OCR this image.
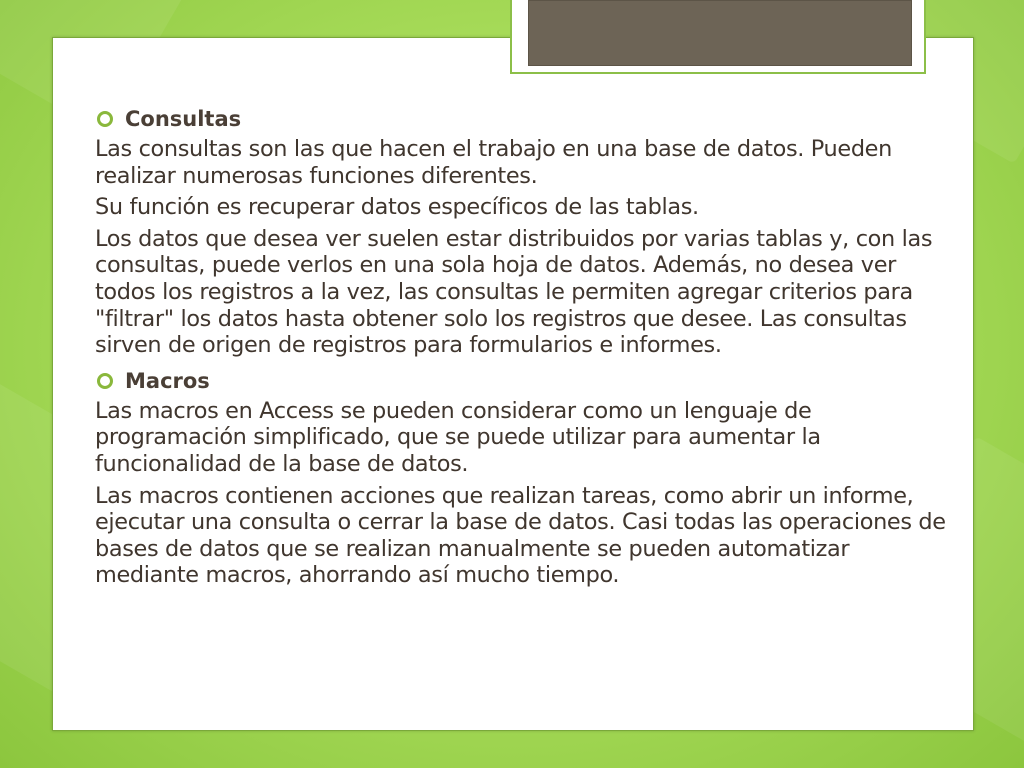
Consultas

Las consultas son las que hacen el trabajo en una base de datos. Pueden realizar numerosas funciones diferentes.

Su función es recuperar datos específicos de las tablas.

Los datos que desea ver suelen estar distribuidos por varias tablas y, con las consultas, puede verlos en una sola hoja de datos. Además, no desea ver todos los registros a la vez, las consultas le permiten agregar criterios para "filtrar" los datos hasta obtener solo los registros que desee. Las consultas sirven de origen de registros para formularios e informes.

Macros

Las macros en Access se pueden considerar como un lenguaje de programación simplificado, que se puede utilizar para aumentar la funcionalidad de la base de datos.

Las macros contienen acciones que realizan tareas, como abrir un informe, ejecutar una consulta o cerrar la base de datos. Casi todas las operaciones de bases de datos que se realizan manualmente se pueden automatizar mediante macros, ahorrando así mucho tiempo.
